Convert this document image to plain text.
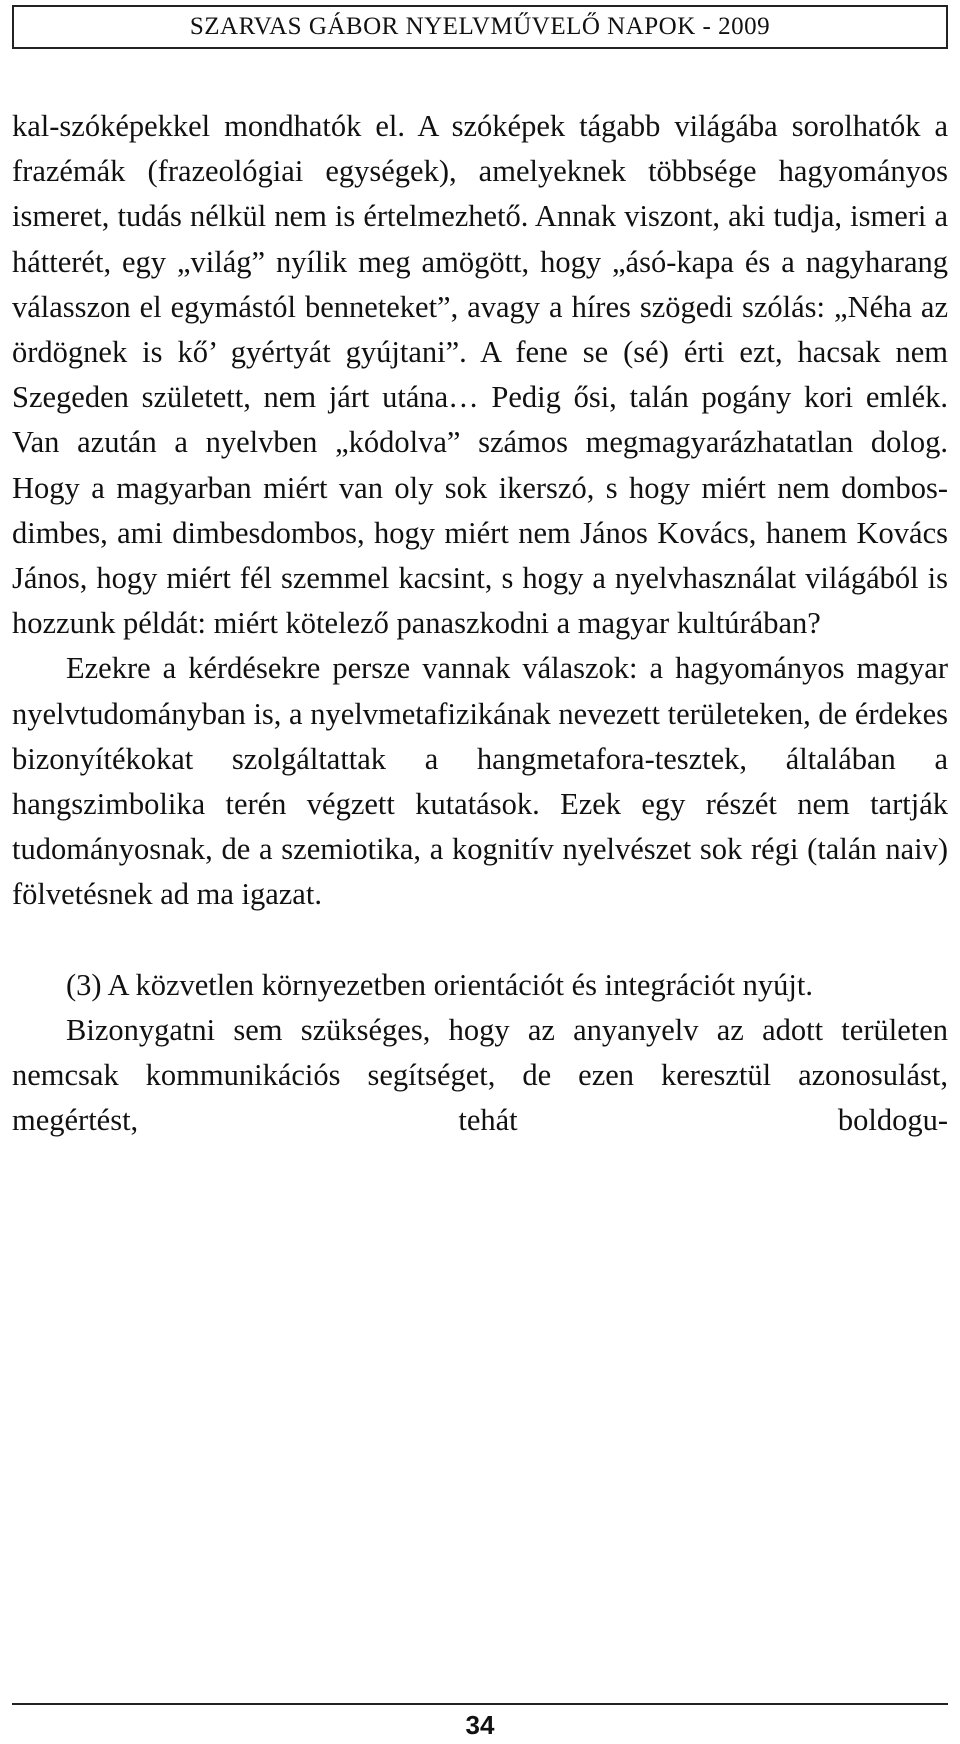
SZARVAS GÁBOR NYELVMŰVELŐ NAPOK - 2009

kal-szóképekkel mondhatók el. A szóképek tágabb világába sorolhatók a frazémák (frazeológiai egységek), amelyeknek többsége hagyományos ismeret, tudás nélkül nem is értelmezhető. Annak viszont, aki tudja, ismeri a hátterét, egy „világ” nyílik meg amögött, hogy „ásó-kapa és a nagyharang válasszon el egymástól benneteket”, avagy a híres szögedi szólás: „Néha az ördögnek is kő’ gyértyát gyújtani”. A fene se (sé) érti ezt, hacsak nem Szegeden született, nem járt utána… Pedig ősi, talán pogány kori emlék. Van azután a nyelvben „kódolva” számos megmagyarázhatatlan dolog. Hogy a magyarban miért van oly sok ikerszó, s hogy miért nem dombos-dimbes, ami dimbesdombos, hogy miért nem János Kovács, hanem Kovács János, hogy miért fél szemmel kacsint, s hogy a nyelvhasználat világából is hozzunk példát: miért kötelező panaszkodni a magyar kultúrában?

Ezekre a kérdésekre persze vannak válaszok: a hagyományos magyar nyelvtudományban is, a nyelvmetafizikának nevezett területeken, de érdekes bizonyítékokat szolgáltattak a hangmetafora-tesztek, általában a hangszimbolika terén végzett kutatások. Ezek egy részét nem tartják tudományosnak, de a szemiotika, a kognitív nyelvészet sok régi (talán naiv) fölvetésnek ad ma igazat.

(3) A közvetlen környezetben orientációt és integrációt nyújt.

Bizonygatni sem szükséges, hogy az anyanyelv az adott területen nemcsak kommunikációs segítséget, de ezen keresztül azonosulást, megértést, tehát boldogu-

34
